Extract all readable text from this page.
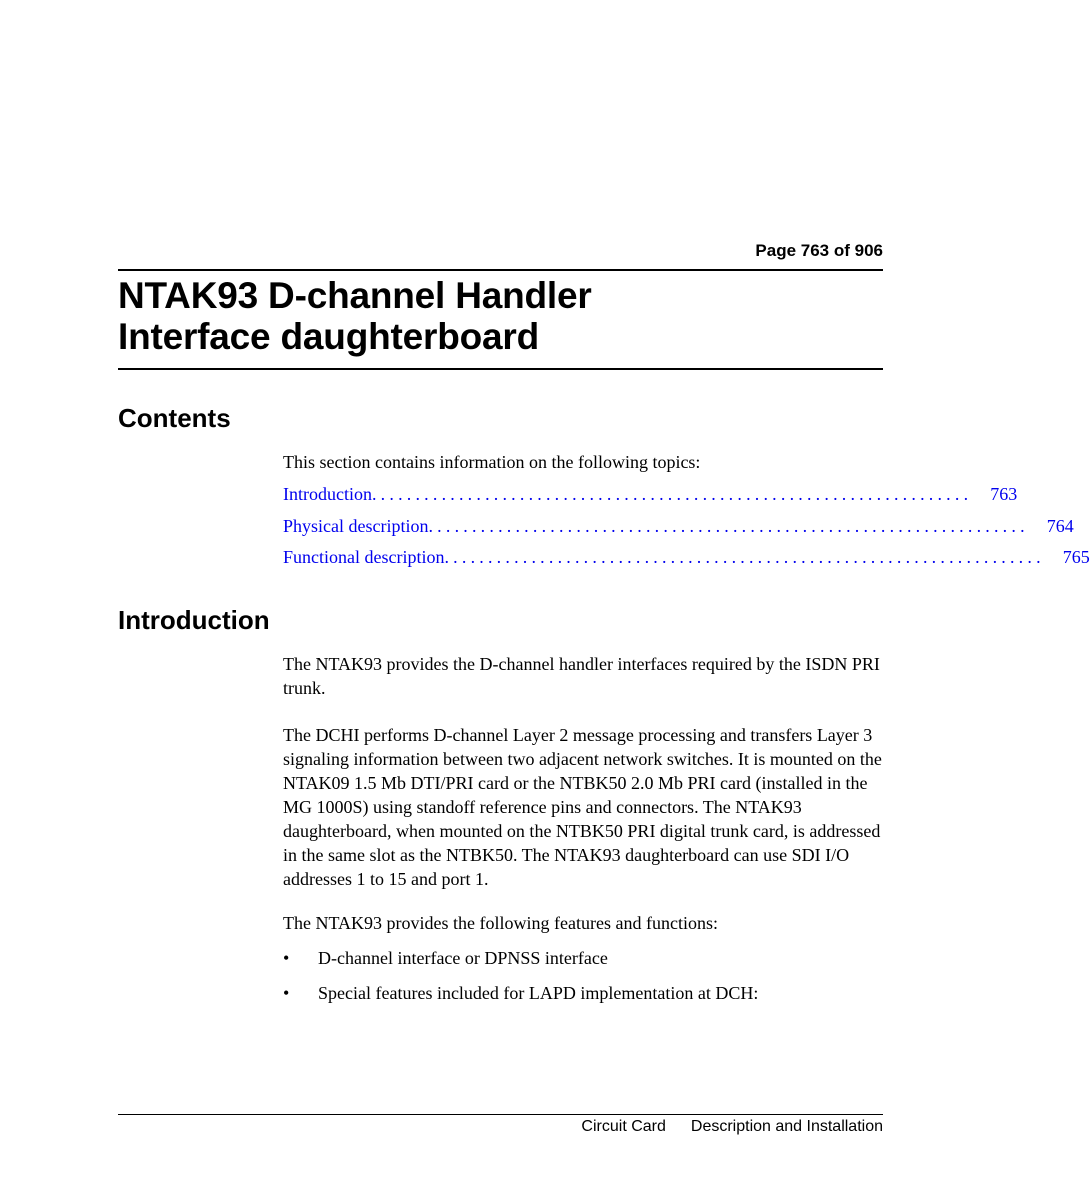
Page 763 of 906
NTAK93 D-channel Handler
Interface daughterboard
Contents

This section contains information on the following topics:

Introduction ..................................................................... 763
Physical description ..................................................................... 764
Functional description ..................................................................... 765
Introduction

The NTAK93 provides the D-channel handler interfaces required by the ISDN PRI trunk.

The DCHI performs D-channel Layer 2 message processing and transfers Layer 3 signaling information between two adjacent network switches. It is mounted on the NTAK09 1.5 Mb DTI/PRI card or the NTBK50 2.0 Mb PRI card (installed in the MG 1000S) using standoff reference pins and connectors. The NTAK93 daughterboard, when mounted on the NTBK50 PRI digital trunk card, is addressed in the same slot as the NTBK50. The NTAK93 daughterboard can use SDI I/O addresses 1 to 15 and port 1.

The NTAK93 provides the following features and functions:

•	D-channel interface or DPNSS interface
•	Special features included for LAPD implementation at DCH:
Circuit Card Description and Installation
